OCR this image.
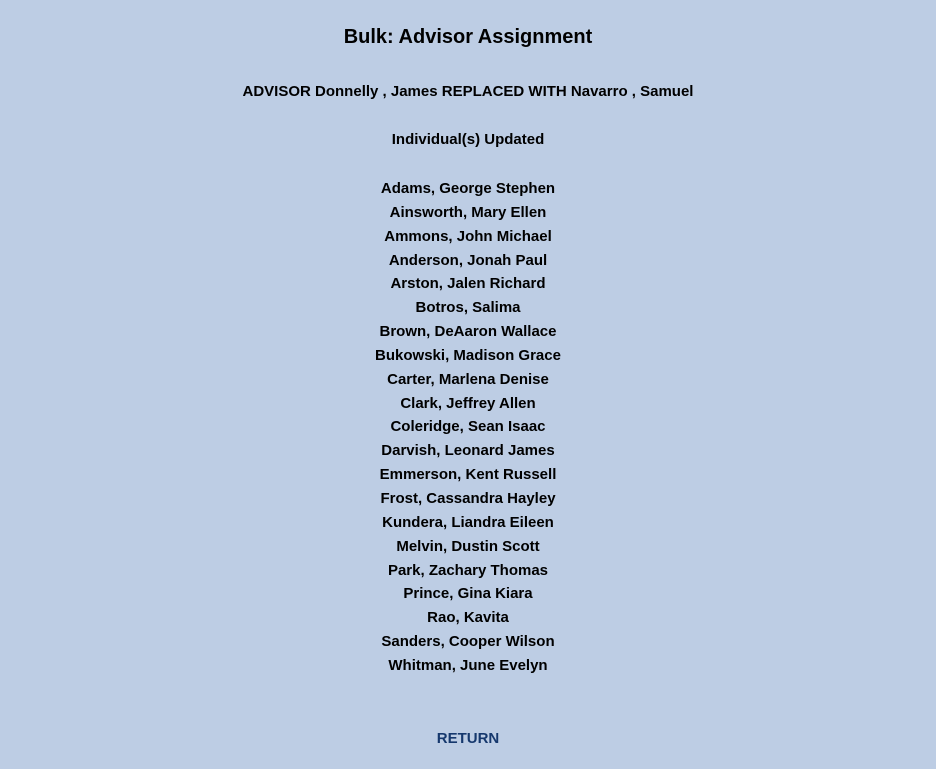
Bulk: Advisor Assignment

ADVISOR Donnelly , James REPLACED WITH Navarro , Samuel

Individual(s) Updated

Adams, George Stephen
Ainsworth, Mary Ellen
Ammons, John Michael
Anderson, Jonah Paul
Arston, Jalen Richard
Botros, Salima
Brown, DeAaron Wallace
Bukowski, Madison Grace
Carter, Marlena Denise
Clark, Jeffrey Allen
Coleridge, Sean Isaac
Darvish, Leonard James
Emmerson, Kent Russell
Frost, Cassandra Hayley
Kundera, Liandra Eileen
Melvin, Dustin Scott
Park, Zachary Thomas
Prince, Gina Kiara
Rao, Kavita
Sanders, Cooper Wilson
Whitman, June Evelyn
RETURN
